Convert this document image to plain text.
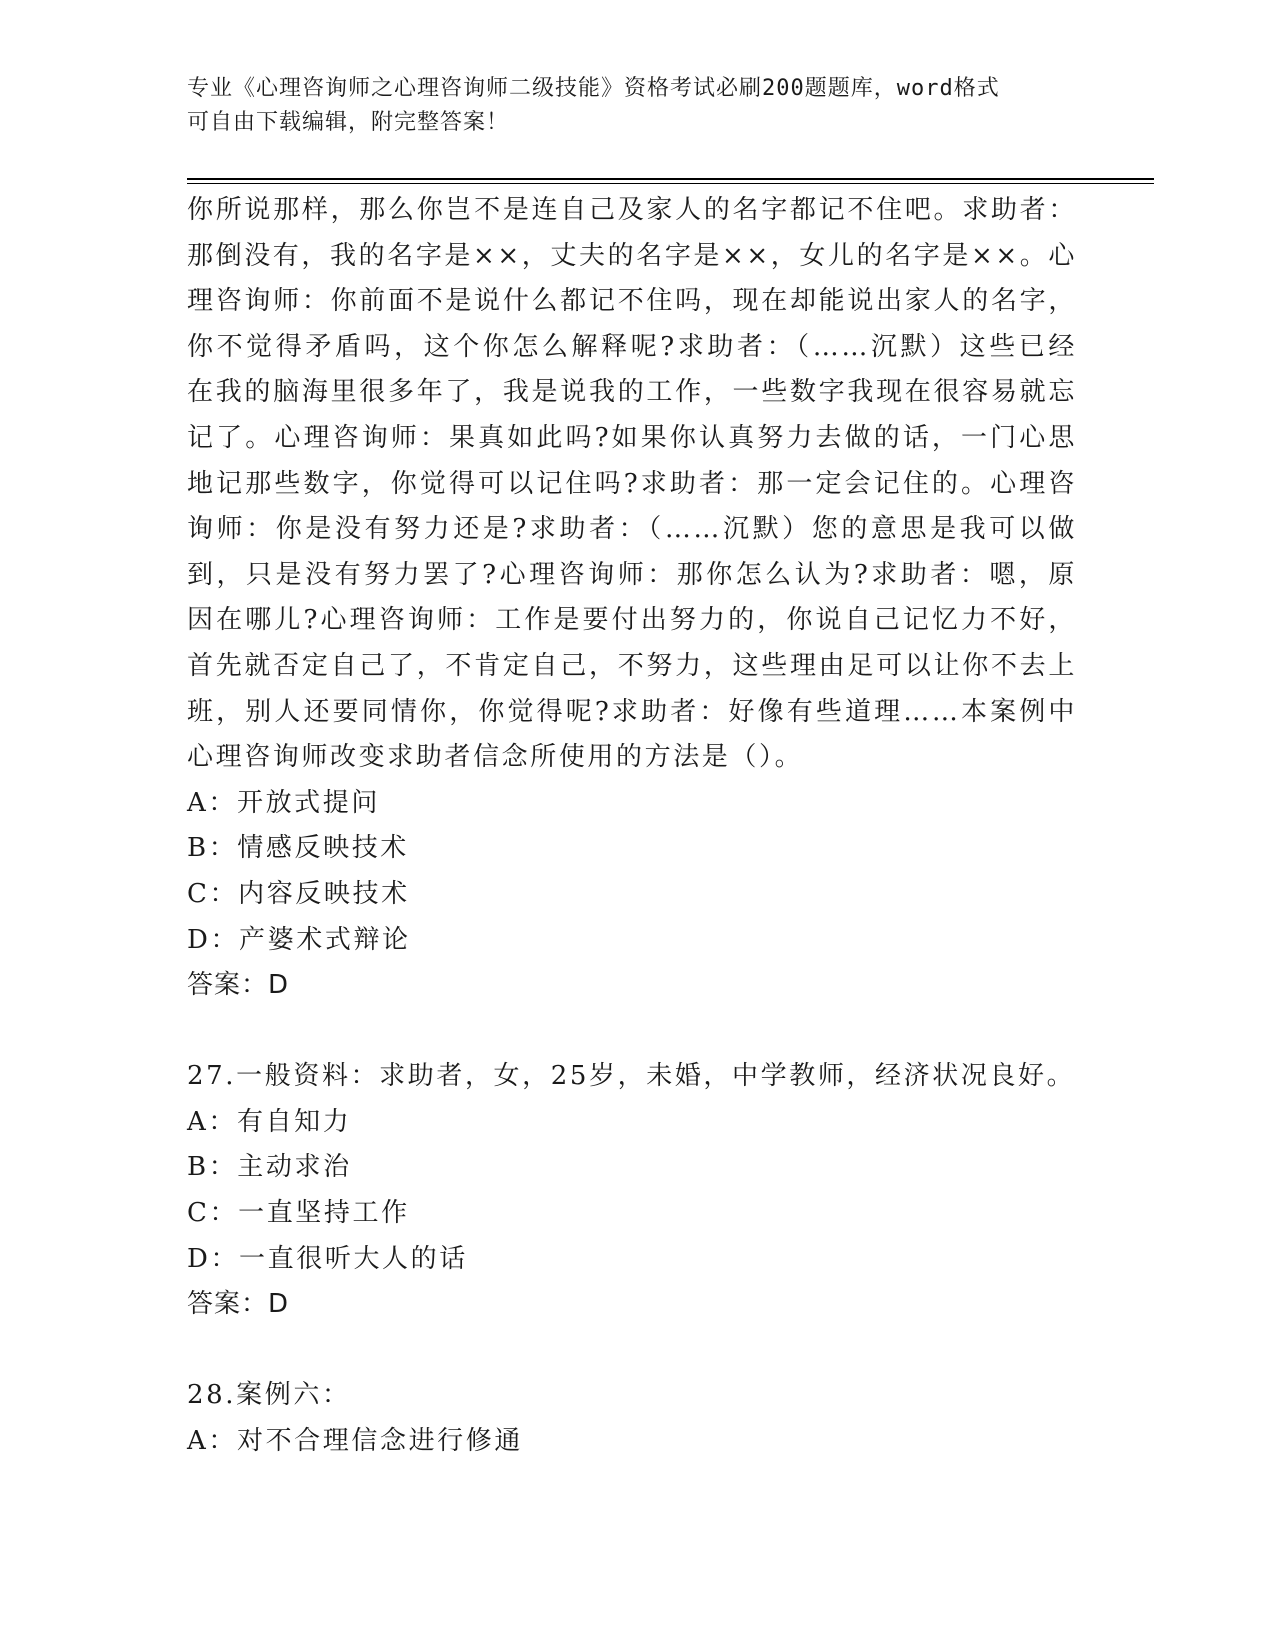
专业《心理咨询师之心理咨询师二级技能》资格考试必刷200题题库，word格式
可自由下载编辑，附完整答案！

你所说那样，那么你岂不是连自己及家人的名字都记不住吧。求助者：那倒没有，我的名字是××，丈夫的名字是××，女儿的名字是××。心理咨询师：你前面不是说什么都记不住吗，现在却能说出家人的名字，你不觉得矛盾吗，这个你怎么解释呢?求助者：（……沉默）这些已经在我的脑海里很多年了，我是说我的工作，一些数字我现在很容易就忘记了。心理咨询师：果真如此吗?如果你认真努力去做的话，一门心思地记那些数字，你觉得可以记住吗?求助者：那一定会记住的。心理咨询师：你是没有努力还是?求助者：（……沉默）您的意思是我可以做到，只是没有努力罢了?心理咨询师：那你怎么认为?求助者：嗯，原因在哪儿?心理咨询师：工作是要付出努力的，你说自己记忆力不好，首先就否定自己了，不肯定自己，不努力，这些理由足可以让你不去上班，别人还要同情你，你觉得呢?求助者：好像有些道理……本案例中心理咨询师改变求助者信念所使用的方法是（）。

A：开放式提问

B：情感反映技术

C：内容反映技术

D：产婆术式辩论

答案：D

27.一般资料：求助者，女，25岁，未婚，中学教师，经济状况良好。

A：有自知力

B：主动求治

C：一直坚持工作

D：一直很听大人的话

答案：D

28.案例六：

A：对不合理信念进行修通
